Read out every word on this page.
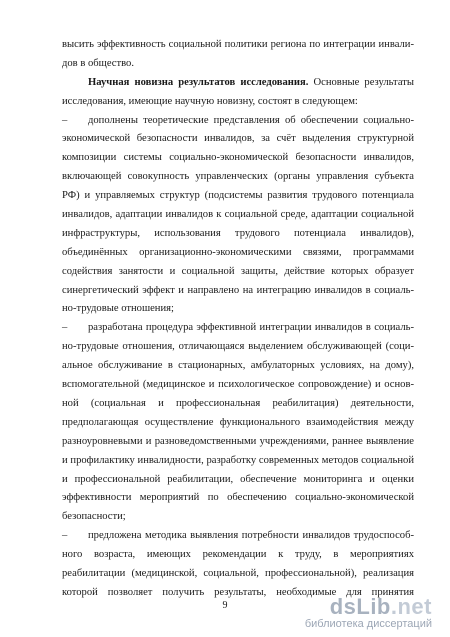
высить эффективность социальной политики региона по интеграции инвали-
дов в общество.
Научная новизна результатов исследования. Основные результаты
исследования, имеющие научную новизну, состоят в следующем:
–	дополнены теоретические представления об обеспечении социально-
экономической безопасности инвалидов, за счёт выделения структурной
композиции системы социально-экономической безопасности инвалидов,
включающей совокупность управленческих (органы управления субъекта
РФ) и управляемых структур (подсистемы развития трудового потенциала
инвалидов, адаптации инвалидов к социальной среде, адаптации социальной
инфраструктуры, использования трудового потенциала инвалидов),
объединённых организационно-экономическими связями, программами
содействия занятости и социальной защиты, действие которых образует
синергетический эффект и направлено на интеграцию инвалидов в социаль-
но-трудовые отношения;
–	разработана процедура эффективной интеграции инвалидов в социаль-
но-трудовые отношения, отличающаяся выделением обслуживающей (соци-
альное обслуживание в стационарных, амбулаторных условиях, на дому),
вспомогательной (медицинское и психологическое сопровождение) и основ-
ной (социальная и профессиональная реабилитация) деятельности,
предполагающая осуществление функционального взаимодействия между
разноуровневыми и разноведомственными учреждениями, раннее выявление
и профилактику инвалидности, разработку современных методов социальной
и профессиональной реабилитации, обеспечение мониторинга и оценки
эффективности мероприятий по обеспечению социально-экономической
безопасности;
–	предложена методика выявления потребности инвалидов трудоспособ-
ного возраста, имеющих рекомендации к труду, в мероприятиях
реабилитации (медицинской, социальной, профессиональной), реализация
которой позволяет получить результаты, необходимые для принятия
9	dsLib.net
библиотека диссертаций
